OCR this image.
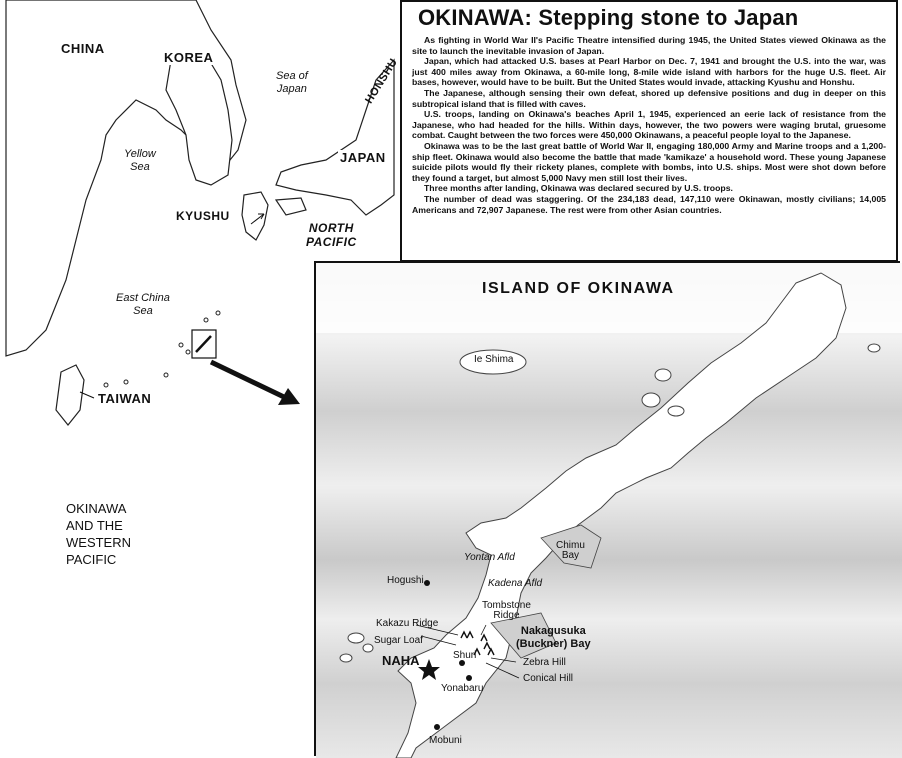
CHINA
KOREA
Sea of
Japan	HONSHU
JAPAN
Yellow
Sea
KYUSHU
NORTH
PACIFIC
East China
Sea
TAIWAN
OKINAWA: Stepping stone to Japan

As fighting in World War II's Pacific Theatre intensified during 1945, the United States viewed Okinawa as the site to launch the inevitable invasion of Japan.

Japan, which had attacked U.S. bases at Pearl Harbor on Dec. 7, 1941 and brought the U.S. into the war, was just 400 miles away from Okinawa, a 60-mile long, 8-mile wide island with harbors for the huge U.S. fleet. Air bases, however, would have to be built. But the United States would invade, attacking Kyushu and Honshu.

The Japanese, although sensing their own defeat, shored up defensive positions and dug in deeper on this subtropical island that is filled with caves.

U.S. troops, landing on Okinawa's beaches April 1, 1945, experienced an eerie lack of resistance from the Japanese, who had headed for the hills. Within days, however, the two powers were waging brutal, gruesome combat. Caught between the two forces were 450,000 Okinawans, a peaceful people loyal to the Japanese.

Okinawa was to be the last great battle of World War II, engaging 180,000 Army and Marine troops and a 1,200-ship fleet. Okinawa would also become the battle that made 'kamikaze' a household word. These young Japanese suicide pilots would fly their rickety planes, complete with bombs, into U.S. ships. Most were shot down before they found a target, but almost 5,000 Navy men still lost their lives.

Three months after landing, Okinawa was declared secured by U.S. troops.

The number of dead was staggering. Of the 234,183 dead, 147,110 were Okinawan, mostly civilians; 14,005 Americans and 72,907 Japanese. The rest were from other Asian countries.

ISLAND OF OKINAWA
Ie Shima
Chimu
Bay
Yontan Afld
Kadena Afld
Hogushi
Tombstone
Ridge
Kakazu Ridge
Nakagusuka
(Buckner) Bay
Sugar Loaf
NAHA	Shuri
Zebra Hill
Conical Hill
Yonabaru
Mobuni
OKINAWA
AND THE
WESTERN
PACIFIC
